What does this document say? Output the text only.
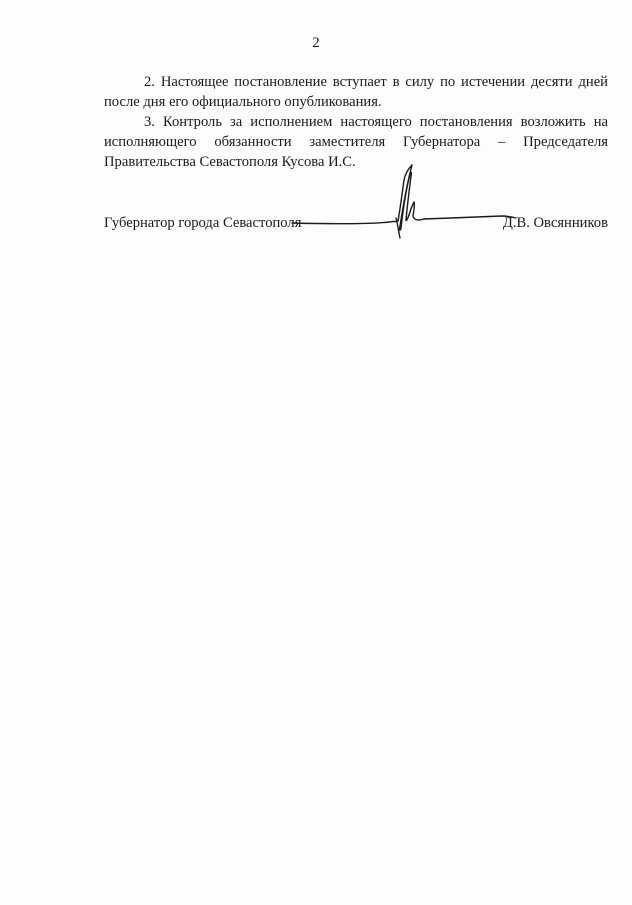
2

2. Настоящее постановление вступает в силу по истечении десяти дней после дня его официального опубликования.

3. Контроль за исполнением настоящего постановления возложить на исполняющего обязанности заместителя Губернатора – Председателя Правительства Севастополя Кусова И.С.

Губернатор города Севастополя	Д.В. Овсянников
